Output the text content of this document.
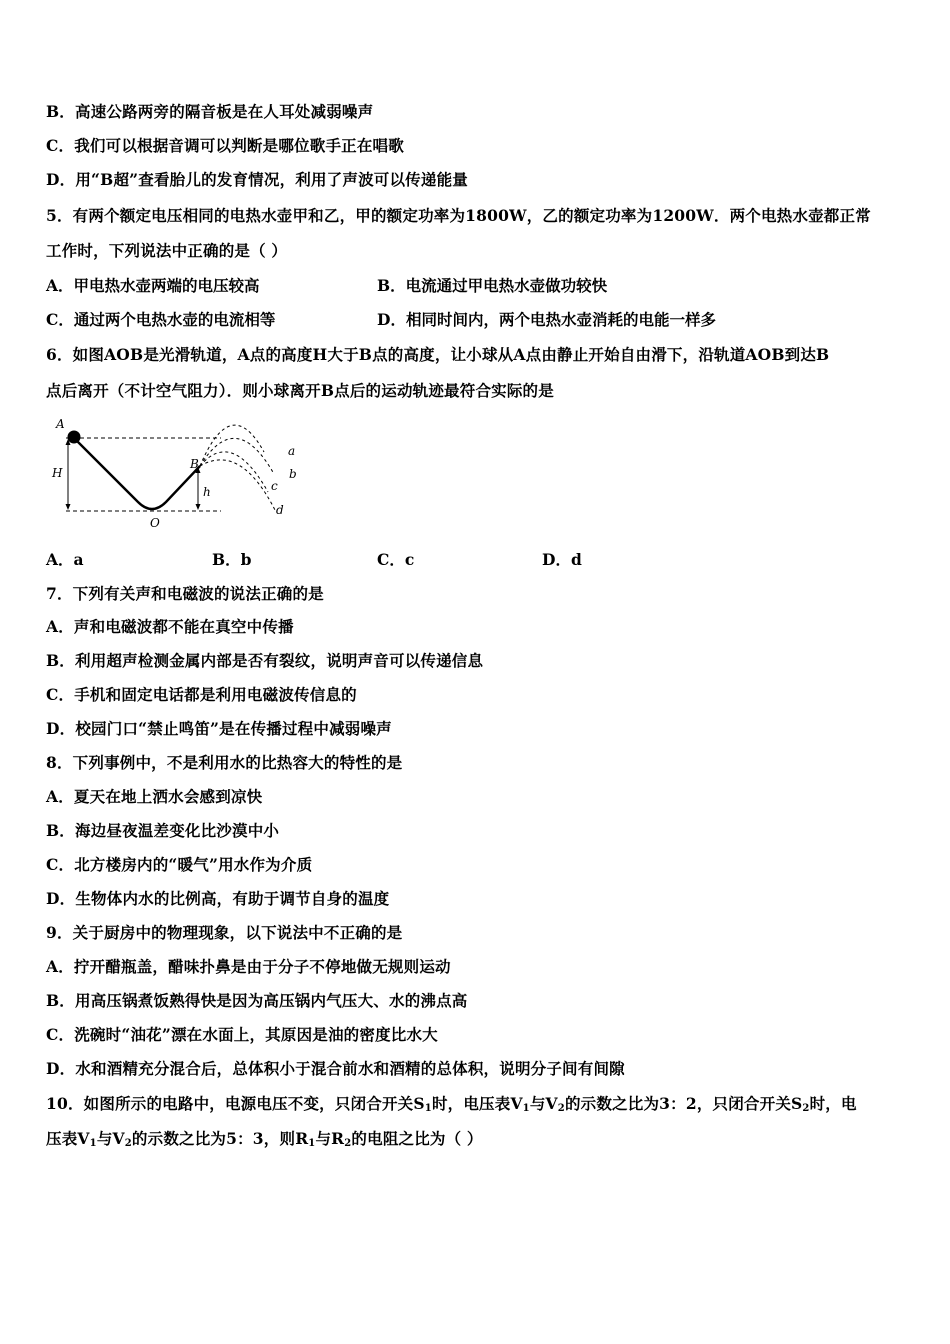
B．高速公路两旁的隔音板是在人耳处减弱噪声
C．我们可以根据音调可以判断是哪位歌手正在唱歌
D．用“B超”查看胎儿的发育情况，利用了声波可以传递能量
5．有两个额定电压相同的电热水壶甲和乙，甲的额定功率为1800W，乙的额定功率为1200W．两个电热水壶都正常
工作时，下列说法中正确的是（ ）
A．甲电热水壶两端的电压较高	B．电流通过甲电热水壶做功较快
C．通过两个电热水壶的电流相等	D．相同时间内，两个电热水壶消耗的电能一样多
6．如图AOB是光滑轨道，A点的高度H大于B点的高度，让小球从A点由静止开始自由滑下，沿轨道AOB到达B
点后离开（不计空气阻力）．则小球离开B点后的运动轨迹最符合实际的是
A
B
O
H
h
a
b
c
d
A．a	B．b	C．c	D．d
7．下列有关声和电磁波的说法正确的是
A．声和电磁波都不能在真空中传播
B．利用超声检测金属内部是否有裂纹，说明声音可以传递信息
C．手机和固定电话都是利用电磁波传信息的
D．校园门口“禁止鸣笛”是在传播过程中减弱噪声
8．下列事例中，不是利用水的比热容大的特性的是
A．夏天在地上洒水会感到凉快
B．海边昼夜温差变化比沙漠中小
C．北方楼房内的“暖气”用水作为介质
D．生物体内水的比例高，有助于调节自身的温度
9．关于厨房中的物理现象，以下说法中不正确的是
A．拧开醋瓶盖，醋味扑鼻是由于分子不停地做无规则运动
B．用高压锅煮饭熟得快是因为高压锅内气压大、水的沸点高
C．洗碗时“油花”漂在水面上，其原因是油的密度比水大
D．水和酒精充分混合后，总体积小于混合前水和酒精的总体积，说明分子间有间隙
10．如图所示的电路中，电源电压不变，只闭合开关$S_1$时，电压表$V_1$与$V_2$的示数之比为3：2，只闭合开关$S_2$时，电
压表$V_1$与$V_2$的示数之比为5：3，则$R_1$与$R_2$的电阻之比为（ ）
